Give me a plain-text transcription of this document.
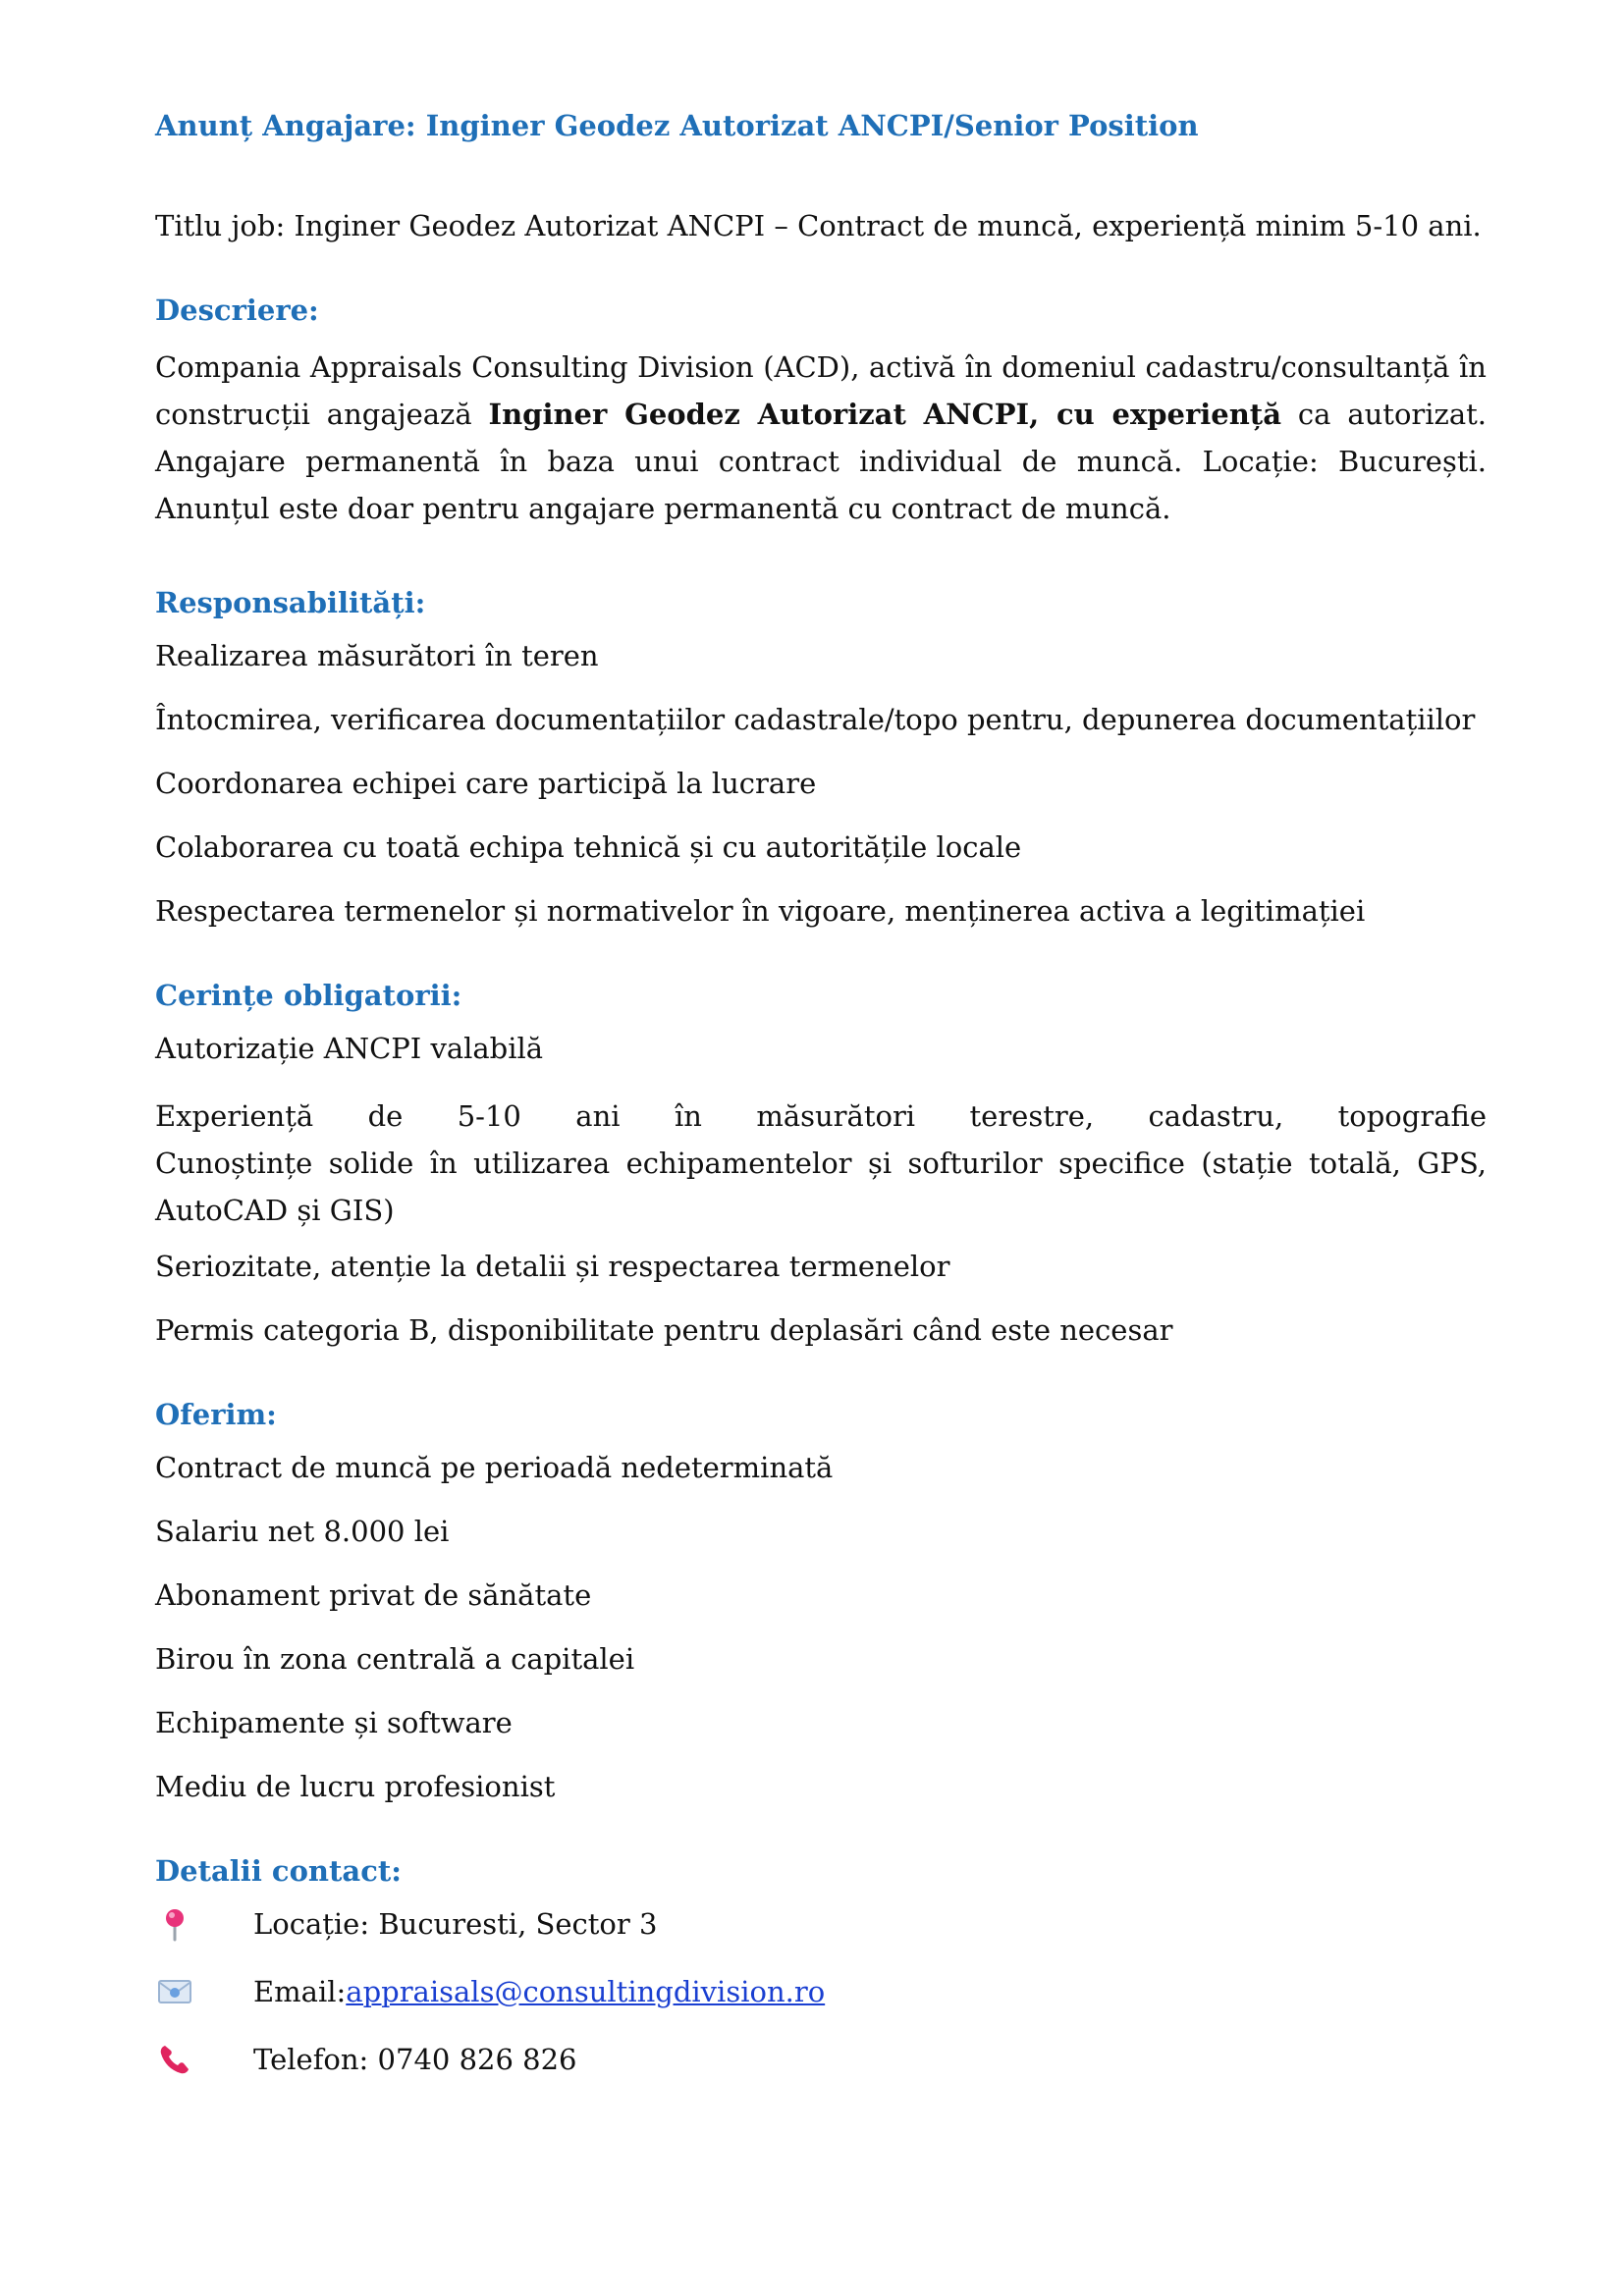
Anunț Angajare: Inginer Geodez Autorizat ANCPI/Senior Position

Titlu job: Inginer Geodez Autorizat ANCPI – Contract de muncă, experiență minim 5-10 ani.

Descriere:

Compania Appraisals Consulting Division (ACD), activă în domeniul cadastru/consultanță în construcții angajează Inginer Geodez Autorizat ANCPI, cu experiență ca autorizat. Angajare permanentă în baza unui contract individual de muncă. Locație: București. Anunțul este doar pentru angajare permanentă cu contract de muncă.

Responsabilități:
Realizarea măsurători în teren
Întocmirea, verificarea documentațiilor cadastrale/topo pentru, depunerea documentațiilor
Coordonarea echipei care participă la lucrare
Colaborarea cu toată echipa tehnică și cu autoritățile locale
Respectarea termenelor și normativelor în vigoare, menținerea activa a legitimației
Cerințe obligatorii:
Autorizație ANCPI valabilă
Experiență de 5-10 ani în măsurători terestre, cadastru, topografie
Cunoștințe solide în utilizarea echipamentelor și softurilor specifice (stație totală, GPS, AutoCAD și GIS)
Seriozitate, atenție la detalii și respectarea termenelor
Permis categoria B, disponibilitate pentru deplasări când este necesar
Oferim:
Contract de muncă pe perioadă nedeterminată
Salariu net 8.000 lei
Abonament privat de sănătate
Birou în zona centrală a capitalei
Echipamente și software
Mediu de lucru profesionist
Detalii contact:
Locație: Bucuresti, Sector 3
Email: appraisals@consultingdivision.ro
Telefon: 0740 826 826
